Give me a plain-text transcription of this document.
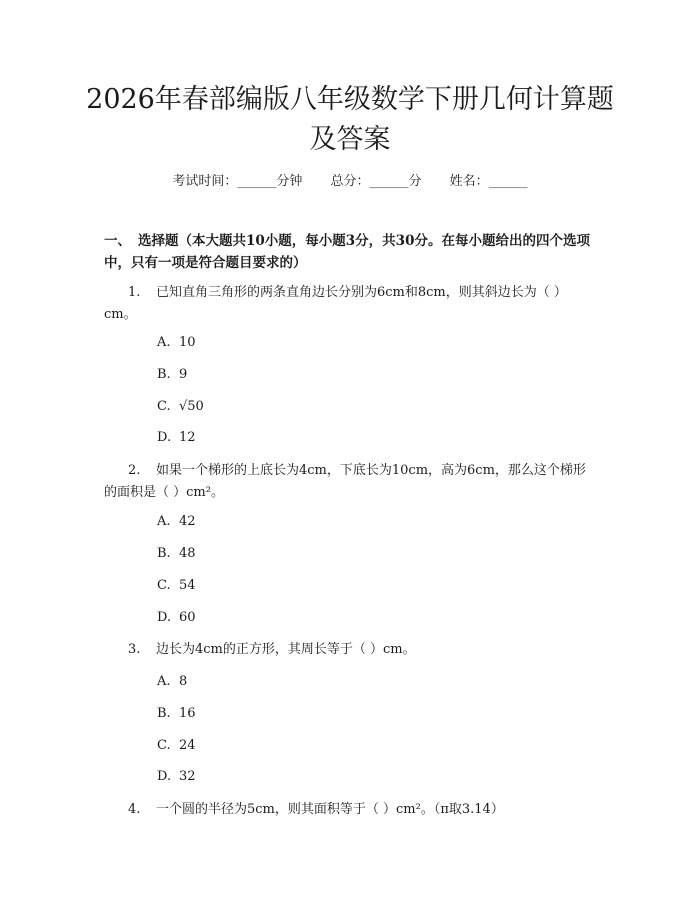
2026年春部编版八年级数学下册几何计算题
及答案
考试时间：______分钟 总分：______分 姓名：______
一、 选择题（本大题共10小题，每小题3分，共30分。在每小题给出的四个选项中，只有一项是符合题目要求的）
1. 已知直角三角形的两条直角边长分别为6cm和8cm，则其斜边长为（ ）
cm。
A. 10
B. 9
C. √50
D. 12
2. 如果一个梯形的上底长为4cm，下底长为10cm，高为6cm，那么这个梯形
的面积是（ ）cm²。
A. 42
B. 48
C. 54
D. 60
3. 边长为4cm的正方形，其周长等于（ ）cm。
A. 8
B. 16
C. 24
D. 32
4. 一个圆的半径为5cm，则其面积等于（ ）cm²。（π取3.14）
